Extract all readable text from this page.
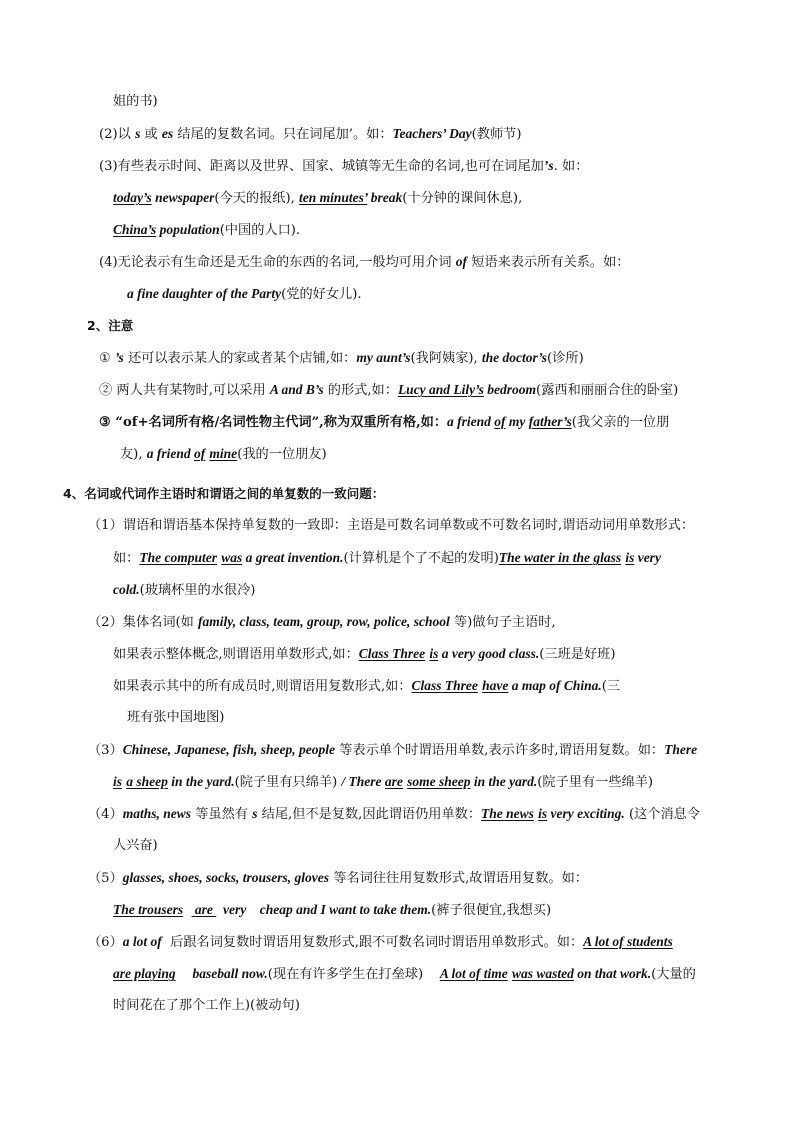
姐的书)
(2)以 s 或 es 结尾的复数名词。只在词尾加’。如：Teachers’ Day(教师节)
(3)有些表示时间、距离以及世界、国家、城镇等无生命的名词,也可在词尾加’s. 如：
today’s newspaper(今天的报纸), ten minutes’ break(十分钟的课间休息),
China’s population(中国的人口).
(4)无论表示有生命还是无生命的东西的名词,一般均可用介词 of 短语来表示所有关系。如：
a fine daughter of the Party(党的好女儿).
2、注意
① ’s 还可以表示某人的家或者某个店铺,如：my aunt’s(我阿姨家), the doctor’s(诊所)
② 两人共有某物时,可以采用 A and B’s 的形式,如：Lucy and Lily’s bedroom(露西和丽丽合住的卧室)
③ “of+名词所有格/名词性物主代词”,称为双重所有格,如：a friend of my father’s(我父亲的一位朋
友), a friend of mine(我的一位朋友)
4、名词或代词作主语时和谓语之间的单复数的一致问题：
（1）谓语和谓语基本保持单复数的一致即：主语是可数名词单数或不可数名词时,谓语动词用单数形式：
如：The computer was a great invention.(计算机是个了不起的发明)The water in the glass is very
cold.(玻璃杯里的水很冷)
（2）集体名词(如 family, class, team, group, row, police, school 等)做句子主语时,
如果表示整体概念,则谓语用单数形式,如：Class Three is a very good class.(三班是好班)
如果表示其中的所有成员时,则谓语用复数形式,如：Class Three have a map of China.(三
班有张中国地图)
（3）Chinese, Japanese, fish, sheep, people 等表示单个时谓语用单数,表示许多时,谓语用复数。如：There
is a sheep in the yard.(院子里有只绵羊) / There are some sheep in the yard.(院子里有一些绵羊)
（4）maths, news 等虽然有 s 结尾,但不是复数,因此谓语仍用单数：The news is very exciting. (这个消息令
人兴奋)
（5）glasses, shoes, socks, trousers, gloves 等名词往往用复数形式,故谓语用复数。如：
The trousers   are   very    cheap and I want to take them.(裤子很便宜,我想买)
（6）a lot of  后跟名词复数时谓语用复数形式,跟不可数名词时谓语用单数形式。如：A lot of students
are playing     baseball now.(现在有许多学生在打垒球)    A lot of time was wasted on that work.(大量的
时间花在了那个工作上)(被动句)
